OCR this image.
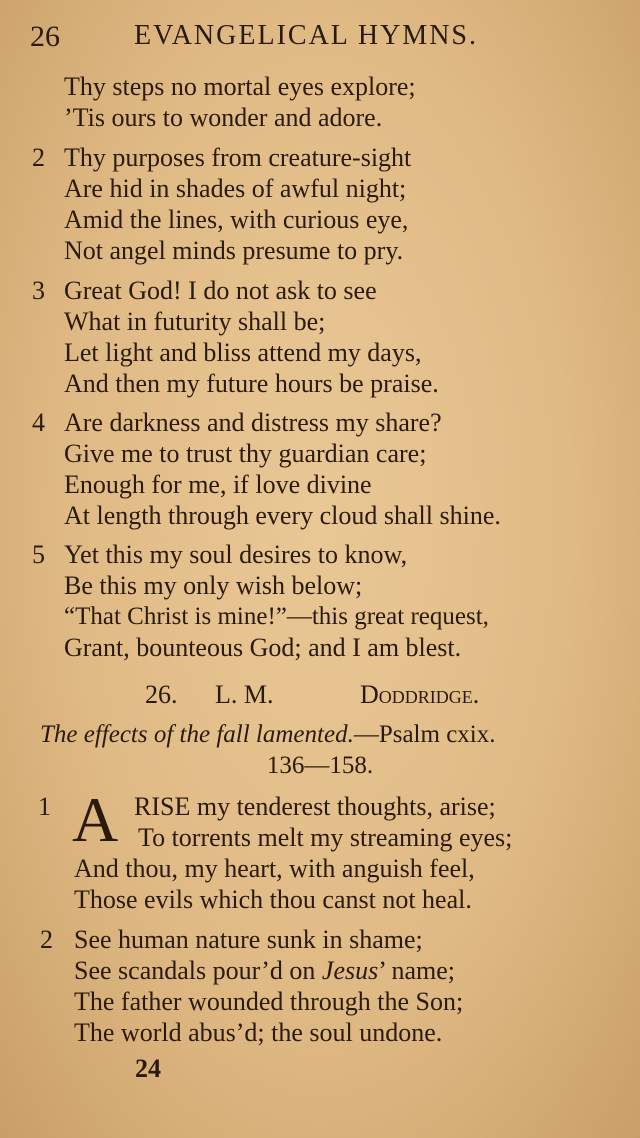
26	EVANGELICAL HYMNS.
Thy steps no mortal eyes explore;
’Tis ours to wonder and adore.
2 Thy purposes from creature-sight
Are hid in shades of awful night;
Amid the lines, with curious eye,
Not angel minds presume to pry.
3 Great God! I do not ask to see
What in futurity shall be;
Let light and bliss attend my days,
And then my future hours be praise.
4 Are darkness and distress my share?
Give me to trust thy guardian care;
Enough for me, if love divine
At length through every cloud shall shine.
5 Yet this my soul desires to know,
Be this my only wish below;
“That Christ is mine!”—this great request,
Grant, bounteous God; and I am blest.
26. L. M.	Doddridge.
The effects of the fall lamented.—Psalm cxix.
136—158.
1 A RISE my tenderest thoughts, arise;
To torrents melt my streaming eyes;
And thou, my heart, with anguish feel,
Those evils which thou canst not heal.
2 See human nature sunk in shame;
See scandals pour’d on Jesus’ name;
The father wounded through the Son;
The world abus’d; the soul undone.
24
